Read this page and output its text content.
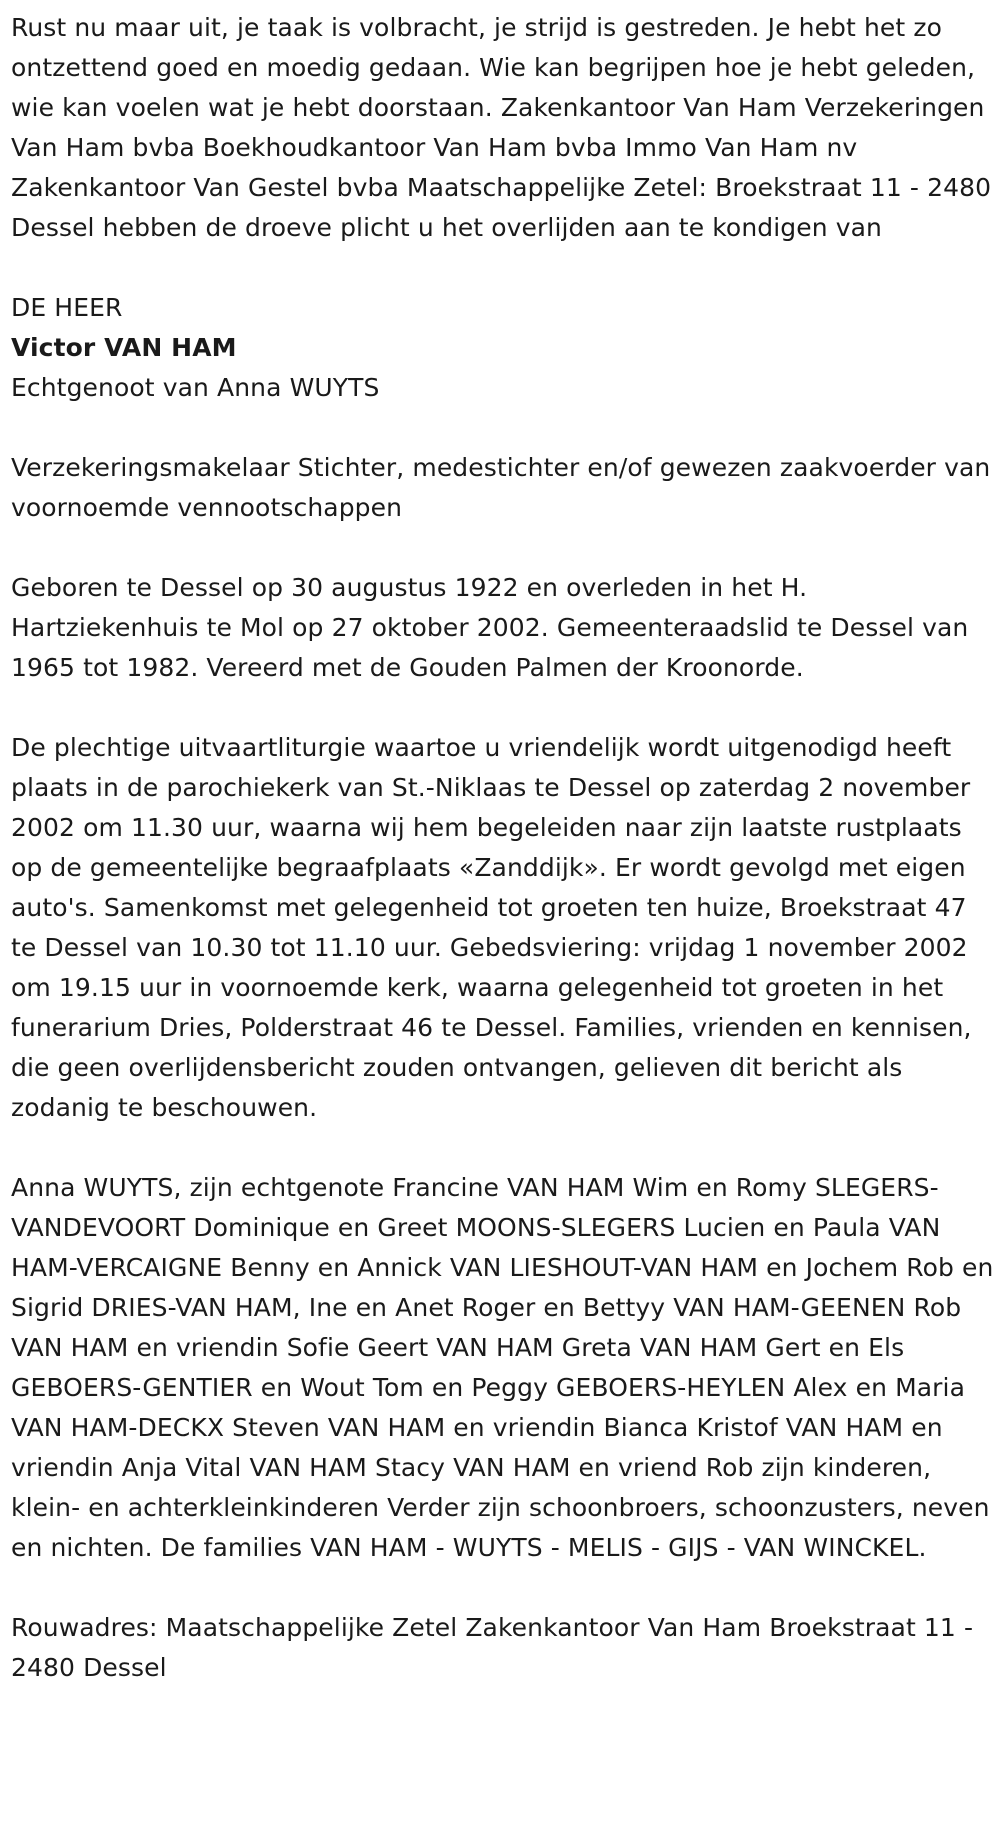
Rust nu maar uit, je taak is volbracht, je strijd is gestreden. Je hebt het zo ontzettend goed en moedig gedaan. Wie kan begrijpen hoe je hebt geleden, wie kan voelen wat je hebt doorstaan. Zakenkantoor Van Ham Verzekeringen Van Ham bvba Boekhoudkantoor Van Ham bvba Immo Van Ham nv Zakenkantoor Van Gestel bvba Maatschappelijke Zetel: Broekstraat 11 - 2480 Dessel hebben de droeve plicht u het overlijden aan te kondigen van

DE HEER

Victor VAN HAM

Echtgenoot van Anna WUYTS

Verzekeringsmakelaar Stichter, medestichter en/of gewezen zaakvoerder van voornoemde vennootschappen

Geboren te Dessel op 30 augustus 1922 en overleden in het H. Hartziekenhuis te Mol op 27 oktober 2002. Gemeenteraadslid te Dessel van 1965 tot 1982. Vereerd met de Gouden Palmen der Kroonorde.

De plechtige uitvaartliturgie waartoe u vriendelijk wordt uitgenodigd heeft plaats in de parochiekerk van St.-Niklaas te Dessel op zaterdag 2 november 2002 om 11.30 uur, waarna wij hem begeleiden naar zijn laatste rustplaats op de gemeentelijke begraafplaats «Zanddijk». Er wordt gevolgd met eigen auto's. Samenkomst met gelegenheid tot groeten ten huize, Broekstraat 47 te Dessel van 10.30 tot 11.10 uur. Gebedsviering: vrijdag 1 november 2002 om 19.15 uur in voornoemde kerk, waarna gelegenheid tot groeten in het funerarium Dries, Polderstraat 46 te Dessel. Families, vrienden en kennisen, die geen overlijdensbericht zouden ontvangen, gelieven dit bericht als zodanig te beschouwen.

Anna WUYTS, zijn echtgenote Francine VAN HAM Wim en Romy SLEGERS-VANDEVOORT Dominique en Greet MOONS-SLEGERS Lucien en Paula VAN HAM-VERCAIGNE Benny en Annick VAN LIESHOUT-VAN HAM en Jochem Rob en Sigrid DRIES-VAN HAM, Ine en Anet Roger en Bettyy VAN HAM-GEENEN Rob VAN HAM en vriendin Sofie Geert VAN HAM Greta VAN HAM Gert en Els GEBOERS-GENTIER en Wout Tom en Peggy GEBOERS-HEYLEN Alex en Maria VAN HAM-DECKX Steven VAN HAM en vriendin Bianca Kristof VAN HAM en vriendin Anja Vital VAN HAM Stacy VAN HAM en vriend Rob zijn kinderen, klein- en achterkleinkinderen Verder zijn schoonbroers, schoonzusters, neven en nichten. De families VAN HAM - WUYTS - MELIS - GIJS - VAN WINCKEL.

Rouwadres: Maatschappelijke Zetel Zakenkantoor Van Ham Broekstraat 11 - 2480 Dessel
